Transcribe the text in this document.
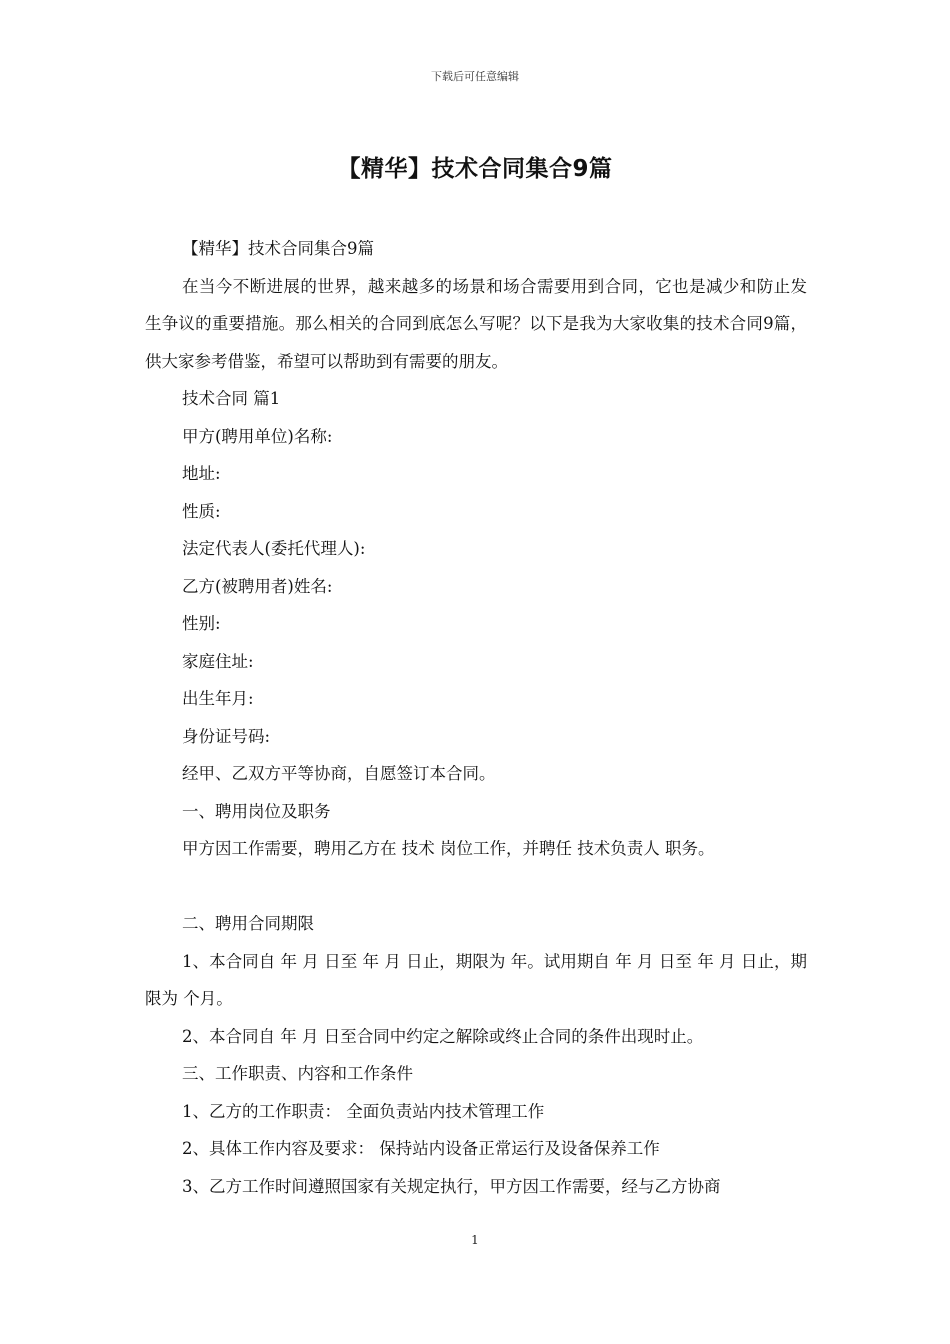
下载后可任意编辑
【精华】技术合同集合9篇

【精华】技术合同集合9篇

在当今不断进展的世界，越来越多的场景和场合需要用到合同，它也是减少和防止发生争议的重要措施。那么相关的合同到底怎么写呢？以下是我为大家收集的技术合同9篇，供大家参考借鉴，希望可以帮助到有需要的朋友。

技术合同 篇1

甲方(聘用单位)名称:

地址:

性质:

法定代表人(委托代理人):

乙方(被聘用者)姓名:

性别:

家庭住址:

出生年月:

身份证号码:

经甲、乙双方平等协商，自愿签订本合同。

一、聘用岗位及职务

甲方因工作需要，聘用乙方在 技术 岗位工作，并聘任 技术负责人 职务。

二、聘用合同期限

1、本合同自 年 月 日至 年 月 日止，期限为 年。试用期自 年 月 日至 年 月 日止，期限为 个月。

2、本合同自 年 月 日至合同中约定之解除或终止合同的条件出现时止。

三、工作职责、内容和工作条件

1、乙方的工作职责： 全面负责站内技术管理工作

2、具体工作内容及要求： 保持站内设备正常运行及设备保养工作

3、乙方工作时间遵照国家有关规定执行，甲方因工作需要，经与乙方协商

1
